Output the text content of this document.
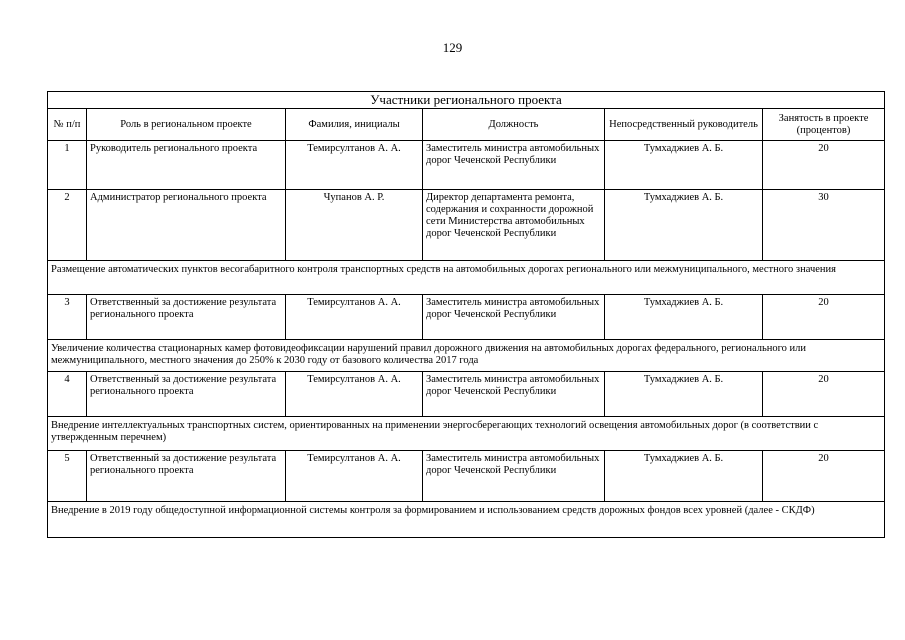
129
Участники регионального проекта					
№ п/п	Роль в региональном проекте	Фамилия, инициалы	Должность	Непосредственный руководитель	Занятость в проекте (процентов)
1	Руководитель регионального проекта	Темирсултанов А. А.	Заместитель министра автомобильных дорог Чеченской Республики	Тумхаджиев А. Б.	20
2	Администратор регионального проекта	Чупанов А. Р.	Директор департамента ремонта, содержания и сохранности дорожной сети Министерства автомобильных дорог Чеченской Республики	Тумхаджиев А. Б.	30
Размещение автоматических пунктов весогабаритного контроля транспортных средств на автомобильных дорогах регионального или межмуниципального, местного значения					
3	Ответственный за достижение результата регионального проекта	Темирсултанов А. А.	Заместитель министра автомобильных дорог Чеченской Республики	Тумхаджиев А. Б.	20
Увеличение количества стационарных камер фотовидеофиксации нарушений правил дорожного движения на автомобильных дорогах федерального, регионального или межмуниципального, местного значения до 250% к 2030 году от базового количества 2017 года					
4	Ответственный за достижение результата регионального проекта	Темирсултанов А. А.	Заместитель министра автомобильных дорог Чеченской Республики	Тумхаджиев А. Б.	20
Внедрение интеллектуальных транспортных систем, ориентированных на применении энергосберегающих технологий освещения автомобильных дорог (в соответствии с утвержденным перечнем)					
5	Ответственный за достижение результата регионального проекта	Темирсултанов А. А.	Заместитель министра автомобильных дорог Чеченской Республики	Тумхаджиев А. Б.	20
Внедрение в 2019 году общедоступной информационной системы контроля за формированием и использованием средств дорожных фондов всех уровней (далее - СКДФ)					
